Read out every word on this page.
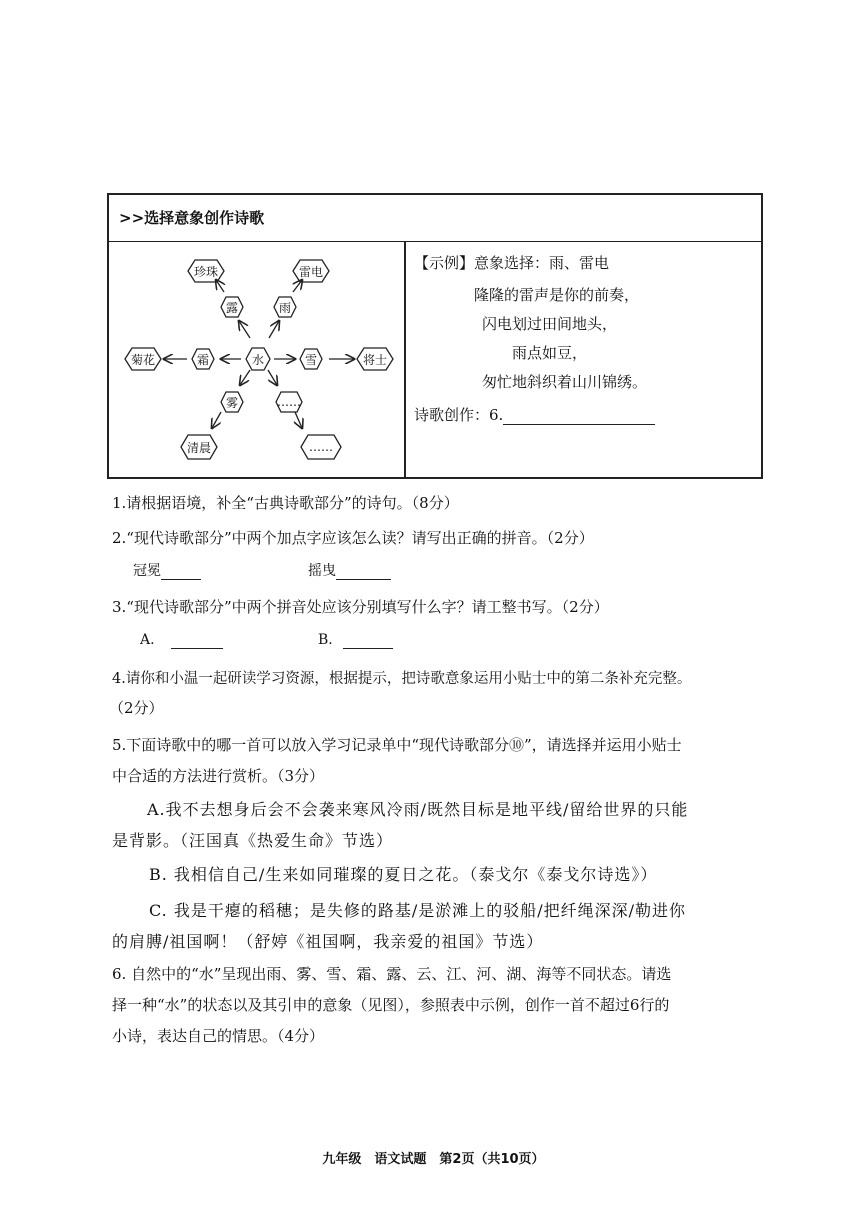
>>选择意象创作诗歌
水
露	雨
霜	雪
雾	……
珍珠	雷电
菊花	将士
清晨	……
【示例】意象选择：雨、雷电
隆隆的雷声是你的前奏，
闪电划过田间地头，
雨点如豆，
匆忙地斜织着山川锦绣。
诗歌创作：6.
1.请根据语境，补全“古典诗歌部分”的诗句。（8分）
2.“现代诗歌部分”中两个加点字应该怎么读？请写出正确的拼音。（2分）
冠冕	摇曳
3.“现代诗歌部分”中两个拼音处应该分别填写什么字？请工整书写。（2分）
A.	B.
4.请你和小温一起研读学习资源，根据提示，把诗歌意象运用小贴士中的第二条补充完整。
（2分）
5.下面诗歌中的哪一首可以放入学习记录单中“现代诗歌部分⑩”，请选择并运用小贴士
中合适的方法进行赏析。（3分）
A.我不去想身后会不会袭来寒风冷雨/既然目标是地平线/留给世界的只能
是背影。（汪国真《热爱生命》节选）
B. 我相信自己/生来如同璀璨的夏日之花。（泰戈尔《泰戈尔诗选》）
C. 我是干瘪的稻穗；是失修的路基/是淤滩上的驳船/把纤绳深深/勒进你
的肩膊/祖国啊！（舒婷《祖国啊，我亲爱的祖国》节选）
6. 自然中的“水”呈现出雨、雾、雪、霜、露、云、江、河、湖、海等不同状态。请选
择一种“水”的状态以及其引申的意象（见图），参照表中示例，创作一首不超过6行的
小诗，表达自己的情思。（4分）
九年级　语文试题　第2页（共10页）
